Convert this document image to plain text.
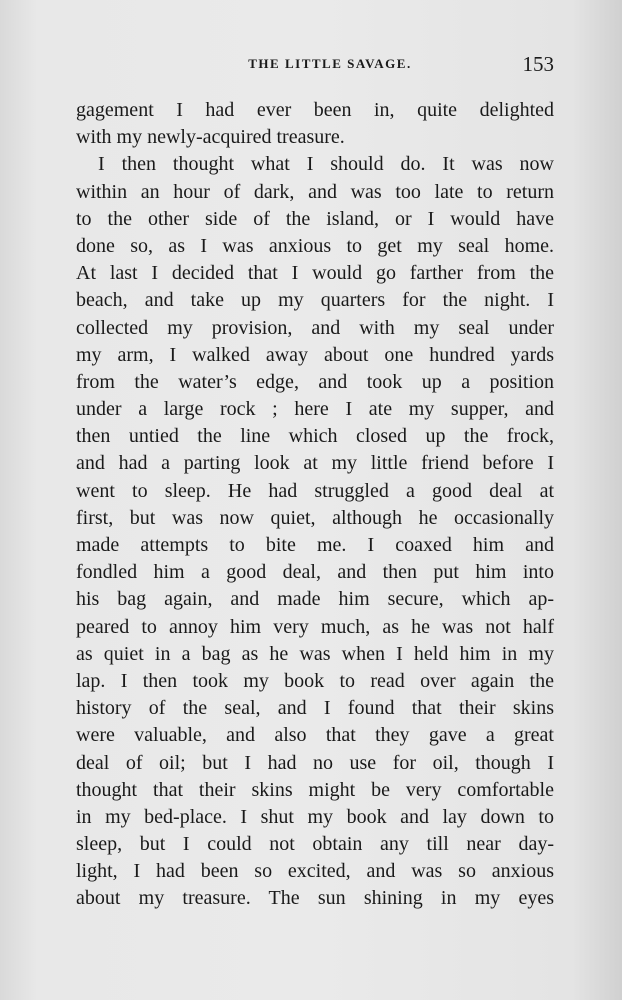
THE LITTLE SAVAGE.	153
gagement I had ever been in, quite delighted
with my newly-acquired treasure.
I then thought what I should do. It was now
within an hour of dark, and was too late to return
to the other side of the island, or I would have
done so, as I was anxious to get my seal home.
At last I decided that I would go farther from the
beach, and take up my quarters for the night. I
collected my provision, and with my seal under
my arm, I walked away about one hundred yards
from the water’s edge, and took up a position
under a large rock ; here I ate my supper, and
then untied the line which closed up the frock,
and had a parting look at my little friend before I
went to sleep. He had struggled a good deal at
first, but was now quiet, although he occasionally
made attempts to bite me. I coaxed him and
fondled him a good deal, and then put him into
his bag again, and made him secure, which ap-
peared to annoy him very much, as he was not half
as quiet in a bag as he was when I held him in my
lap. I then took my book to read over again the
history of the seal, and I found that their skins
were valuable, and also that they gave a great
deal of oil; but I had no use for oil, though I
thought that their skins might be very comfortable
in my bed-place. I shut my book and lay down to
sleep, but I could not obtain any till near day-
light, I had been so excited, and was so anxious
about my treasure. The sun shining in my eyes
